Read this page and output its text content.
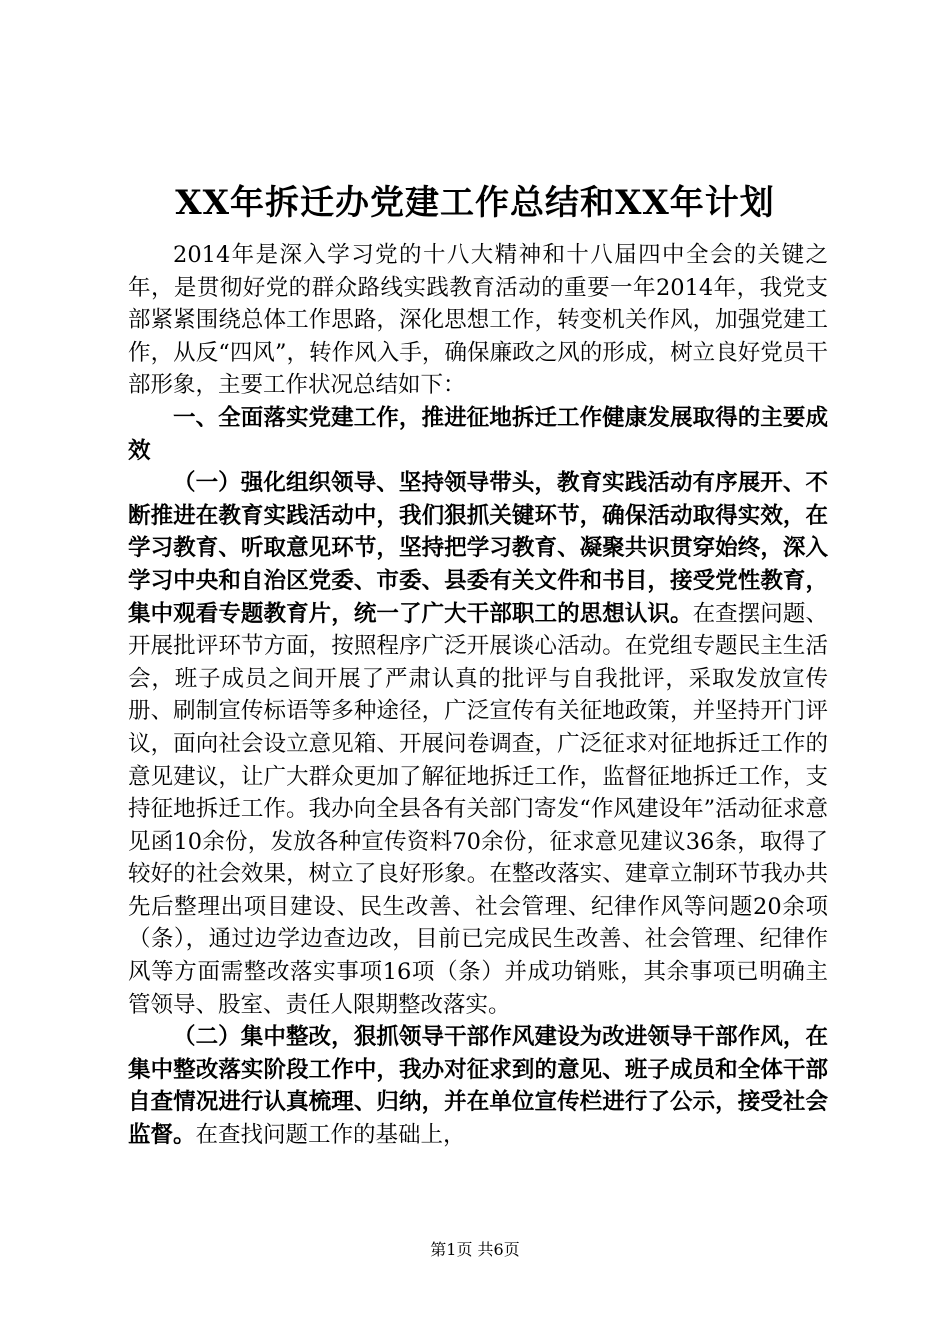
XX年拆迁办党建工作总结和XX年计划

2014年是深入学习党的十八大精神和十八届四中全会的关键之年，是贯彻好党的群众路线实践教育活动的重要一年2014年，我党支部紧紧围绕总体工作思路，深化思想工作，转变机关作风，加强党建工作，从反“四风”，转作风入手，确保廉政之风的形成，树立良好党员干部形象，主要工作状况总结如下：

一、全面落实党建工作，推进征地拆迁工作健康发展取得的主要成效

（一）强化组织领导、坚持领导带头，教育实践活动有序展开、不断推进在教育实践活动中，我们狠抓关键环节，确保活动取得实效，在学习教育、听取意见环节，坚持把学习教育、凝聚共识贯穿始终，深入学习中央和自治区党委、市委、县委有关文件和书目，接受党性教育，集中观看专题教育片，统一了广大干部职工的思想认识。在查摆问题、开展批评环节方面，按照程序广泛开展谈心活动。在党组专题民主生活会，班子成员之间开展了严肃认真的批评与自我批评，采取发放宣传册、刷制宣传标语等多种途径，广泛宣传有关征地政策，并坚持开门评议，面向社会设立意见箱、开展问卷调查，广泛征求对征地拆迁工作的意见建议，让广大群众更加了解征地拆迁工作，监督征地拆迁工作，支持征地拆迁工作。我办向全县各有关部门寄发“作风建设年”活动征求意见函10余份，发放各种宣传资料70余份，征求意见建议36条，取得了较好的社会效果，树立了良好形象。在整改落实、建章立制环节我办共先后整理出项目建设、民生改善、社会管理、纪律作风等问题20余项（条），通过边学边查边改，目前已完成民生改善、社会管理、纪律作风等方面需整改落实事项16项（条）并成功销账，其余事项已明确主管领导、股室、责任人限期整改落实。

（二）集中整改，狠抓领导干部作风建设为改进领导干部作风，在集中整改落实阶段工作中，我办对征求到的意见、班子成员和全体干部自查情况进行认真梳理、归纳，并在单位宣传栏进行了公示，接受社会监督。在查找问题工作的基础上，

第1页 共6页
